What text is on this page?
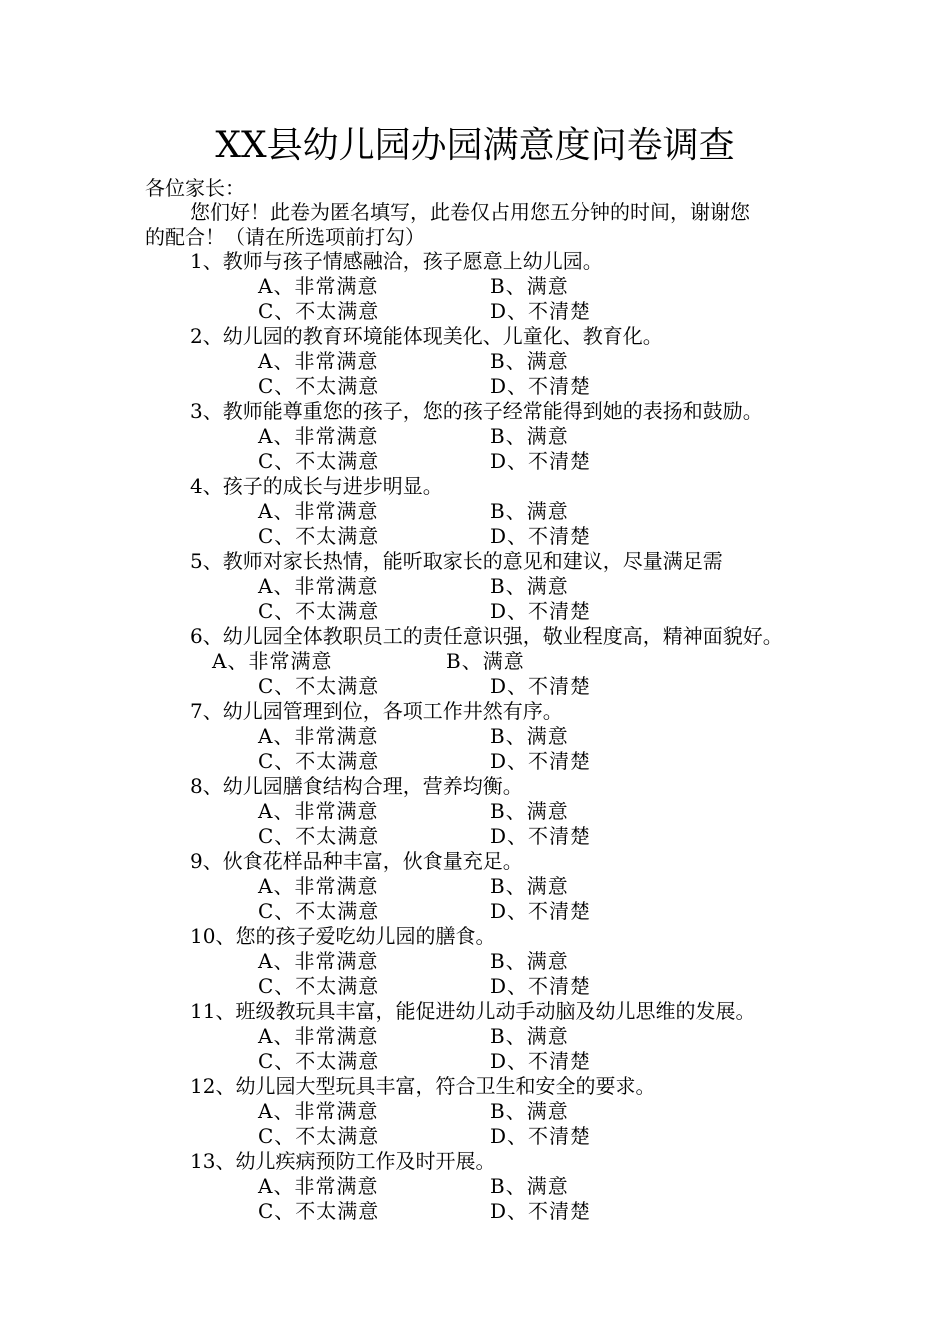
XX县幼儿园办园满意度问卷调查
各位家长：
您们好！此卷为匿名填写，此卷仅占用您五分钟的时间，谢谢您
的配合！（请在所选项前打勾）
1、教师与孩子情感融洽，孩子愿意上幼儿园。
A、非常满意	B、满意
C、不太满意	D、不清楚
2、幼儿园的教育环境能体现美化、儿童化、教育化。
A、非常满意	B、满意
C、不太满意	D、不清楚
3、教师能尊重您的孩子，您的孩子经常能得到她的表扬和鼓励。
A、非常满意	B、满意
C、不太满意	D、不清楚
4、孩子的成长与进步明显。
A、非常满意	B、满意
C、不太满意	D、不清楚
5、教师对家长热情，能听取家长的意见和建议，尽量满足需
A、非常满意	B、满意
C、不太满意	D、不清楚
6、幼儿园全体教职员工的责任意识强，敬业程度高，精神面貌好。
A、非常满意	B、满意
C、不太满意	D、不清楚
7、幼儿园管理到位，各项工作井然有序。
A、非常满意	B、满意
C、不太满意	D、不清楚
8、幼儿园膳食结构合理，营养均衡。
A、非常满意	B、满意
C、不太满意	D、不清楚
9、伙食花样品种丰富，伙食量充足。
A、非常满意	B、满意
C、不太满意	D、不清楚
10、您的孩子爱吃幼儿园的膳食。
A、非常满意	B、满意
C、不太满意	D、不清楚
11、班级教玩具丰富，能促进幼儿动手动脑及幼儿思维的发展。
A、非常满意	B、满意
C、不太满意	D、不清楚
12、幼儿园大型玩具丰富，符合卫生和安全的要求。
A、非常满意	B、满意
C、不太满意	D、不清楚
13、幼儿疾病预防工作及时开展。
A、非常满意	B、满意
C、不太满意	D、不清楚
